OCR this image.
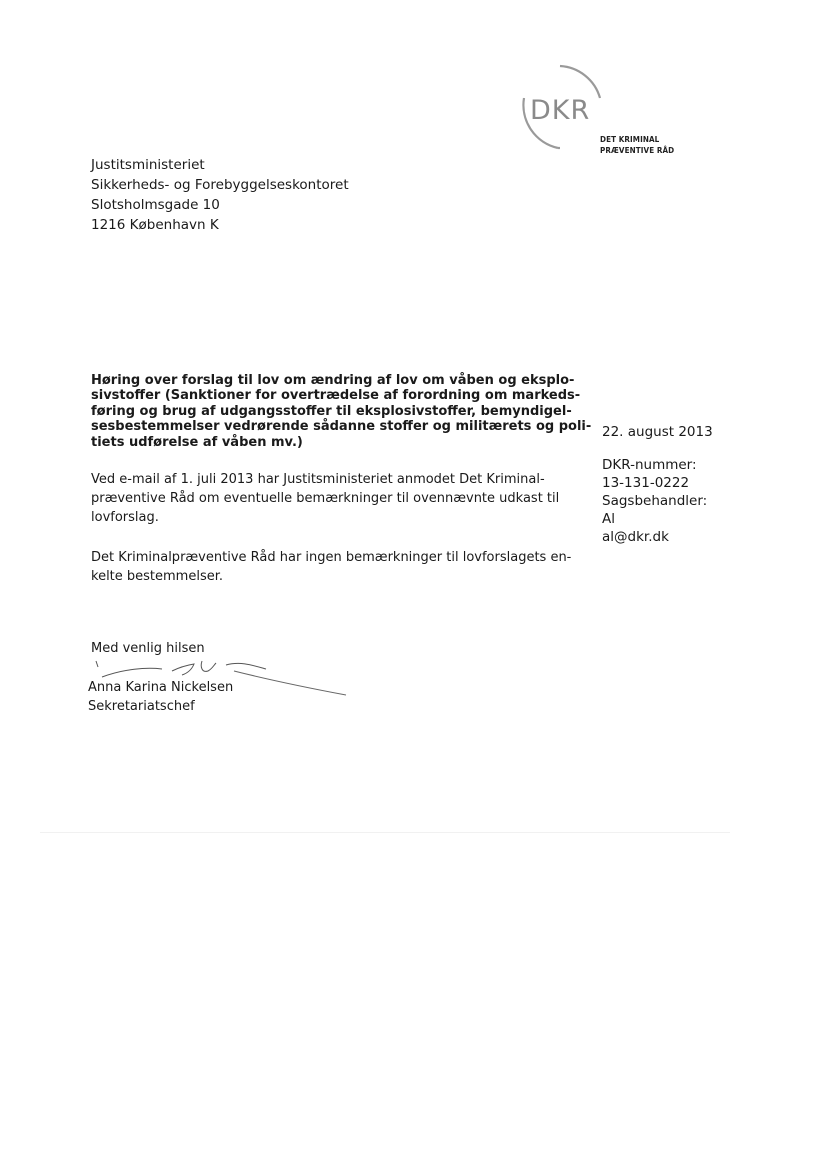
DKR
DET KRIMINAL
PRÆVENTIVE RÅD
Justitsministeriet
Sikkerheds- og Forebyggelseskontoret
Slotsholmsgade 10
1216 København K
Høring over forslag til lov om ændring af lov om våben og eksplo-
sivstoffer (Sanktioner for overtrædelse af forordning om markeds-
føring og brug af udgangsstoffer til eksplosivstoffer, bemyndigel-
sesbestemmelser vedrørende sådanne stoffer og militærets og poli-
tiets udførelse af våben mv.)
22. august 2013
DKR-nummer:
13-131-0222
Sagsbehandler:
Al
al@dkr.dk
Ved e-mail af 1. juli 2013 har Justitsministeriet anmodet Det Kriminal-
præventive Råd om eventuelle bemærkninger til ovennævnte udkast til
lovforslag.
Det Kriminalpræventive Råd har ingen bemærkninger til lovforslagets en-
kelte bestemmelser.
Med venlig hilsen
Anna Karina Nickelsen
Sekretariatschef
